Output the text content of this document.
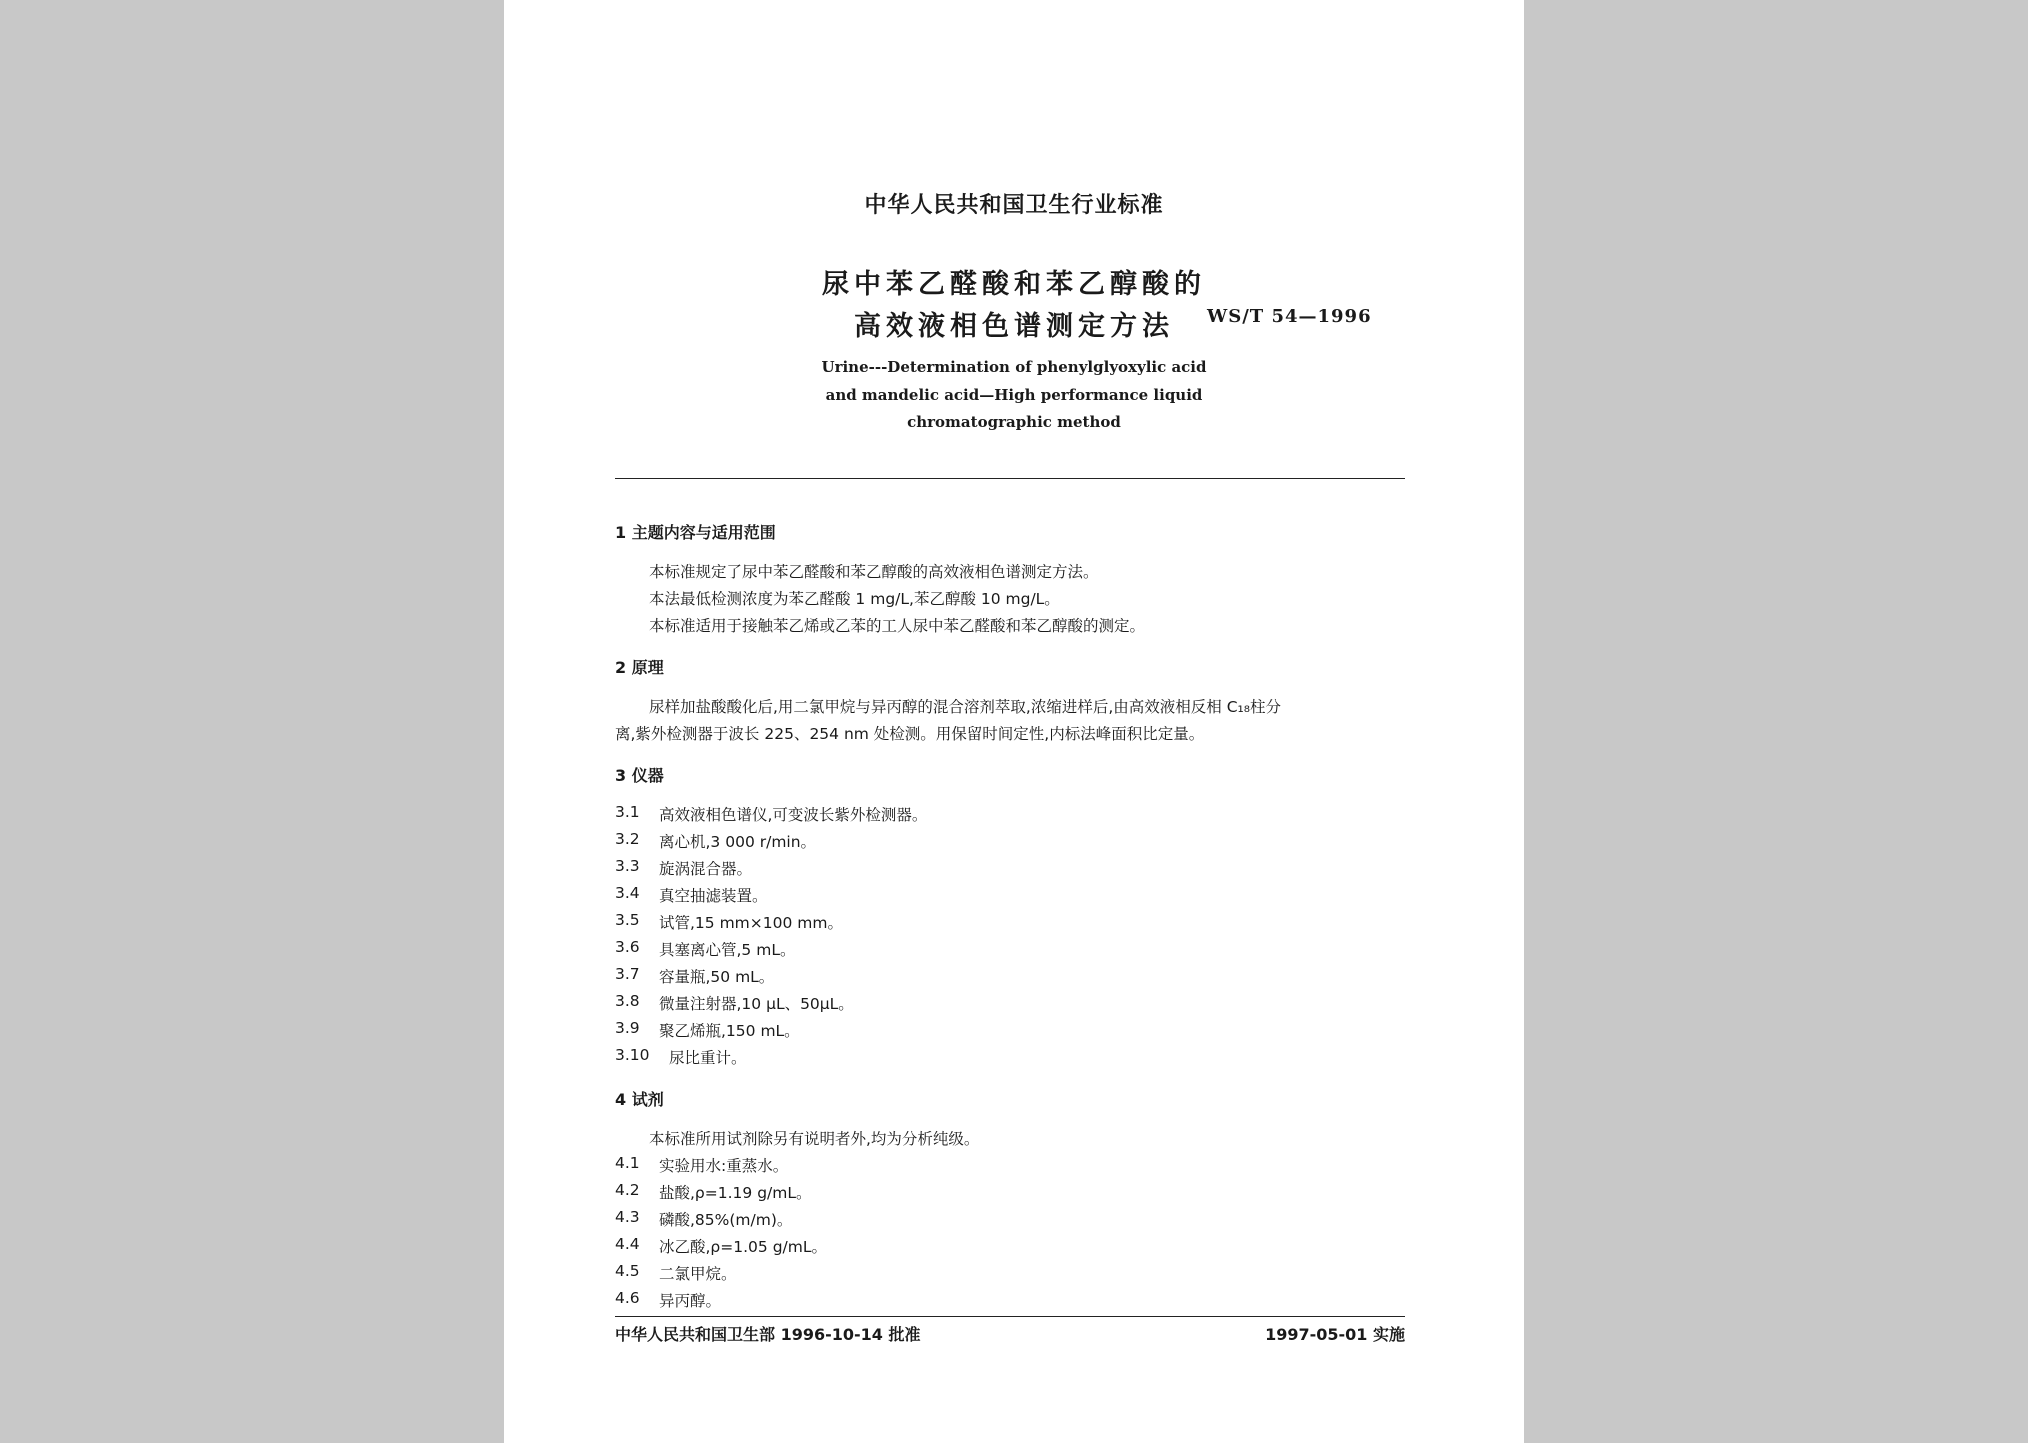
中华人民共和国卫生行业标准
尿中苯乙醛酸和苯乙醇酸的
高效液相色谱测定方法	WS/T 54—1996
Urine---Determination of phenylglyoxylic acid
and mandelic acid—High performance liquid
chromatographic method
1 主题内容与适用范围
本标准规定了尿中苯乙醛酸和苯乙醇酸的高效液相色谱测定方法。
本法最低检测浓度为苯乙醛酸 1 mg/L,苯乙醇酸 10 mg/L。
本标准适用于接触苯乙烯或乙苯的工人尿中苯乙醛酸和苯乙醇酸的测定。
2 原理
尿样加盐酸酸化后,用二氯甲烷与异丙醇的混合溶剂萃取,浓缩进样后,由高效液相反相 C₁₈柱分
离,紫外检测器于波长 225、254 nm 处检测。用保留时间定性,内标法峰面积比定量。
3 仪器
3.1 高效液相色谱仪,可变波长紫外检测器。
3.2 离心机,3 000 r/min。
3.3 旋涡混合器。
3.4 真空抽滤装置。
3.5 试管,15 mm×100 mm。
3.6 具塞离心管,5 mL。
3.7 容量瓶,50 mL。
3.8 微量注射器,10 μL、50μL。
3.9 聚乙烯瓶,150 mL。
3.10 尿比重计。
4 试剂
本标准所用试剂除另有说明者外,均为分析纯级。
4.1 实验用水:重蒸水。
4.2 盐酸,ρ=1.19 g/mL。
4.3 磷酸,85%(m/m)。
4.4 冰乙酸,ρ=1.05 g/mL。
4.5 二氯甲烷。
4.6 异丙醇。
中华人民共和国卫生部 1996-10-14 批准	1997-05-01 实施
